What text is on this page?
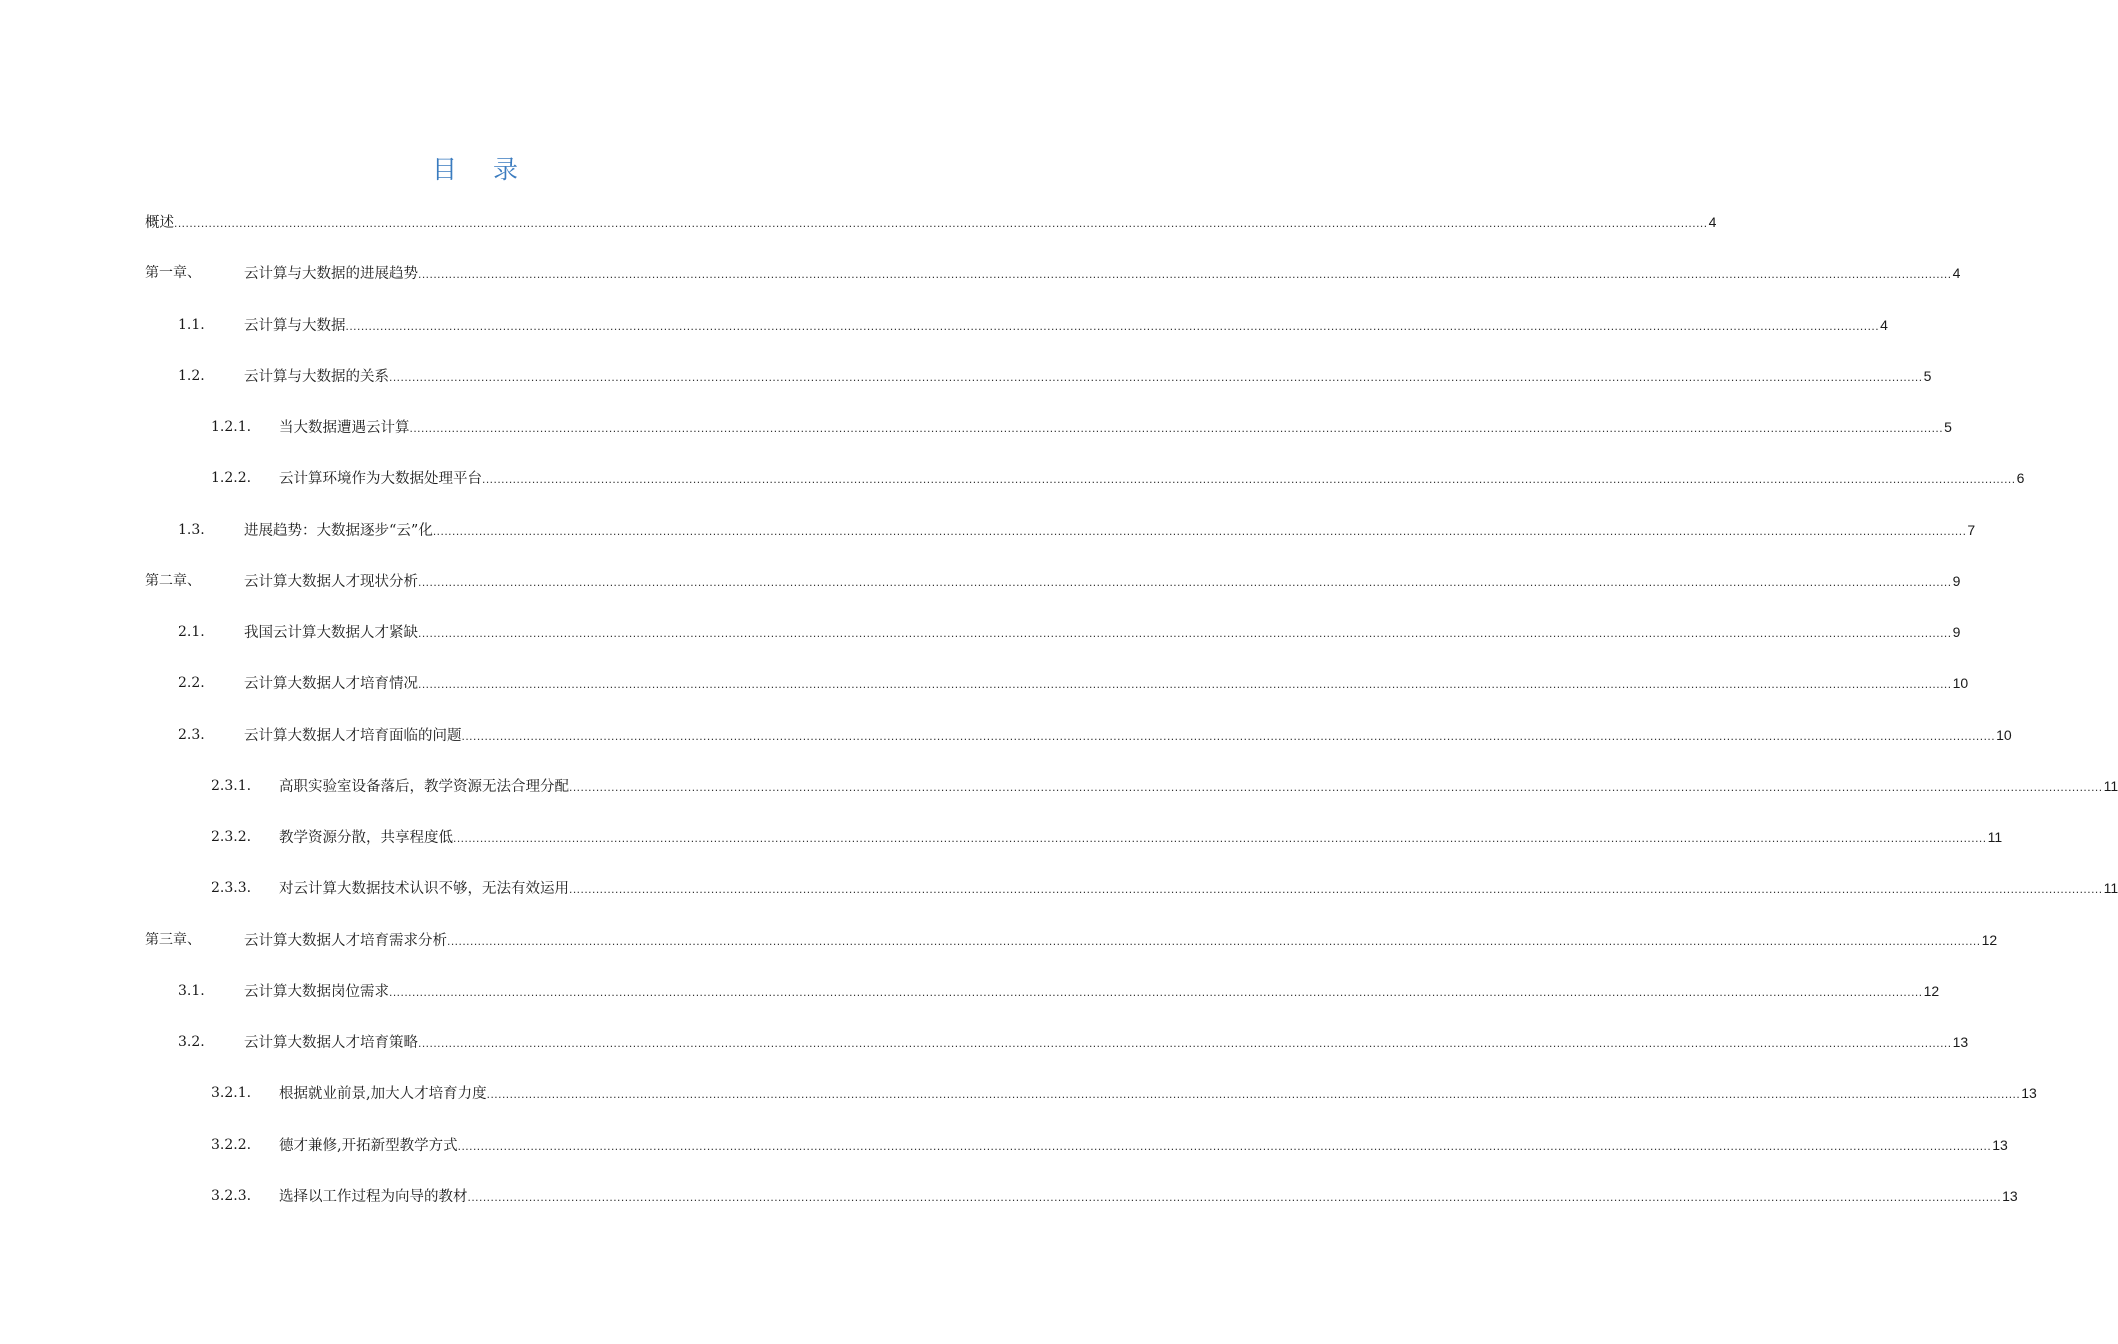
目 录
概述 ................................................................................................................................................................................................................................................................................................................................................................................................................ 4
第一章、	云计算与大数据的进展趋势 ................................................................................................................................................................................................................................................................................................................................................................................................................ 4
1.1.	云计算与大数据 ................................................................................................................................................................................................................................................................................................................................................................................................................ 4
1.2.	云计算与大数据的关系 ................................................................................................................................................................................................................................................................................................................................................................................................................ 5
1.2.1. 当大数据遭遇云计算 ................................................................................................................................................................................................................................................................................................................................................................................................................ 5
1.2.2. 云计算环境作为大数据处理平台 ................................................................................................................................................................................................................................................................................................................................................................................................................ 6
1.3.	进展趋势：大数据逐步“云”化 ................................................................................................................................................................................................................................................................................................................................................................................................................ 7
第二章、	云计算大数据人才现状分析 ................................................................................................................................................................................................................................................................................................................................................................................................................ 9
2.1.	我国云计算大数据人才紧缺 ................................................................................................................................................................................................................................................................................................................................................................................................................ 9
2.2.	云计算大数据人才培育情况 ................................................................................................................................................................................................................................................................................................................................................................................................................ 10
2.3.	云计算大数据人才培育面临的问题 ................................................................................................................................................................................................................................................................................................................................................................................................................ 10
2.3.1. 高职实验室设备落后，教学资源无法合理分配 ................................................................................................................................................................................................................................................................................................................................................................................................................ 11
2.3.2. 教学资源分散，共享程度低 ................................................................................................................................................................................................................................................................................................................................................................................................................ 11
2.3.3. 对云计算大数据技术认识不够，无法有效运用 ................................................................................................................................................................................................................................................................................................................................................................................................................ 11
第三章、	云计算大数据人才培育需求分析 ................................................................................................................................................................................................................................................................................................................................................................................................................ 12
3.1.	云计算大数据岗位需求 ................................................................................................................................................................................................................................................................................................................................................................................................................ 12
3.2.	云计算大数据人才培育策略 ................................................................................................................................................................................................................................................................................................................................................................................................................ 13
3.2.1. 根据就业前景,加大人才培育力度 ................................................................................................................................................................................................................................................................................................................................................................................................................ 13
3.2.2. 德才兼修,开拓新型教学方式 ................................................................................................................................................................................................................................................................................................................................................................................................................ 13
3.2.3. 选择以工作过程为向导的教材 ................................................................................................................................................................................................................................................................................................................................................................................................................ 13
